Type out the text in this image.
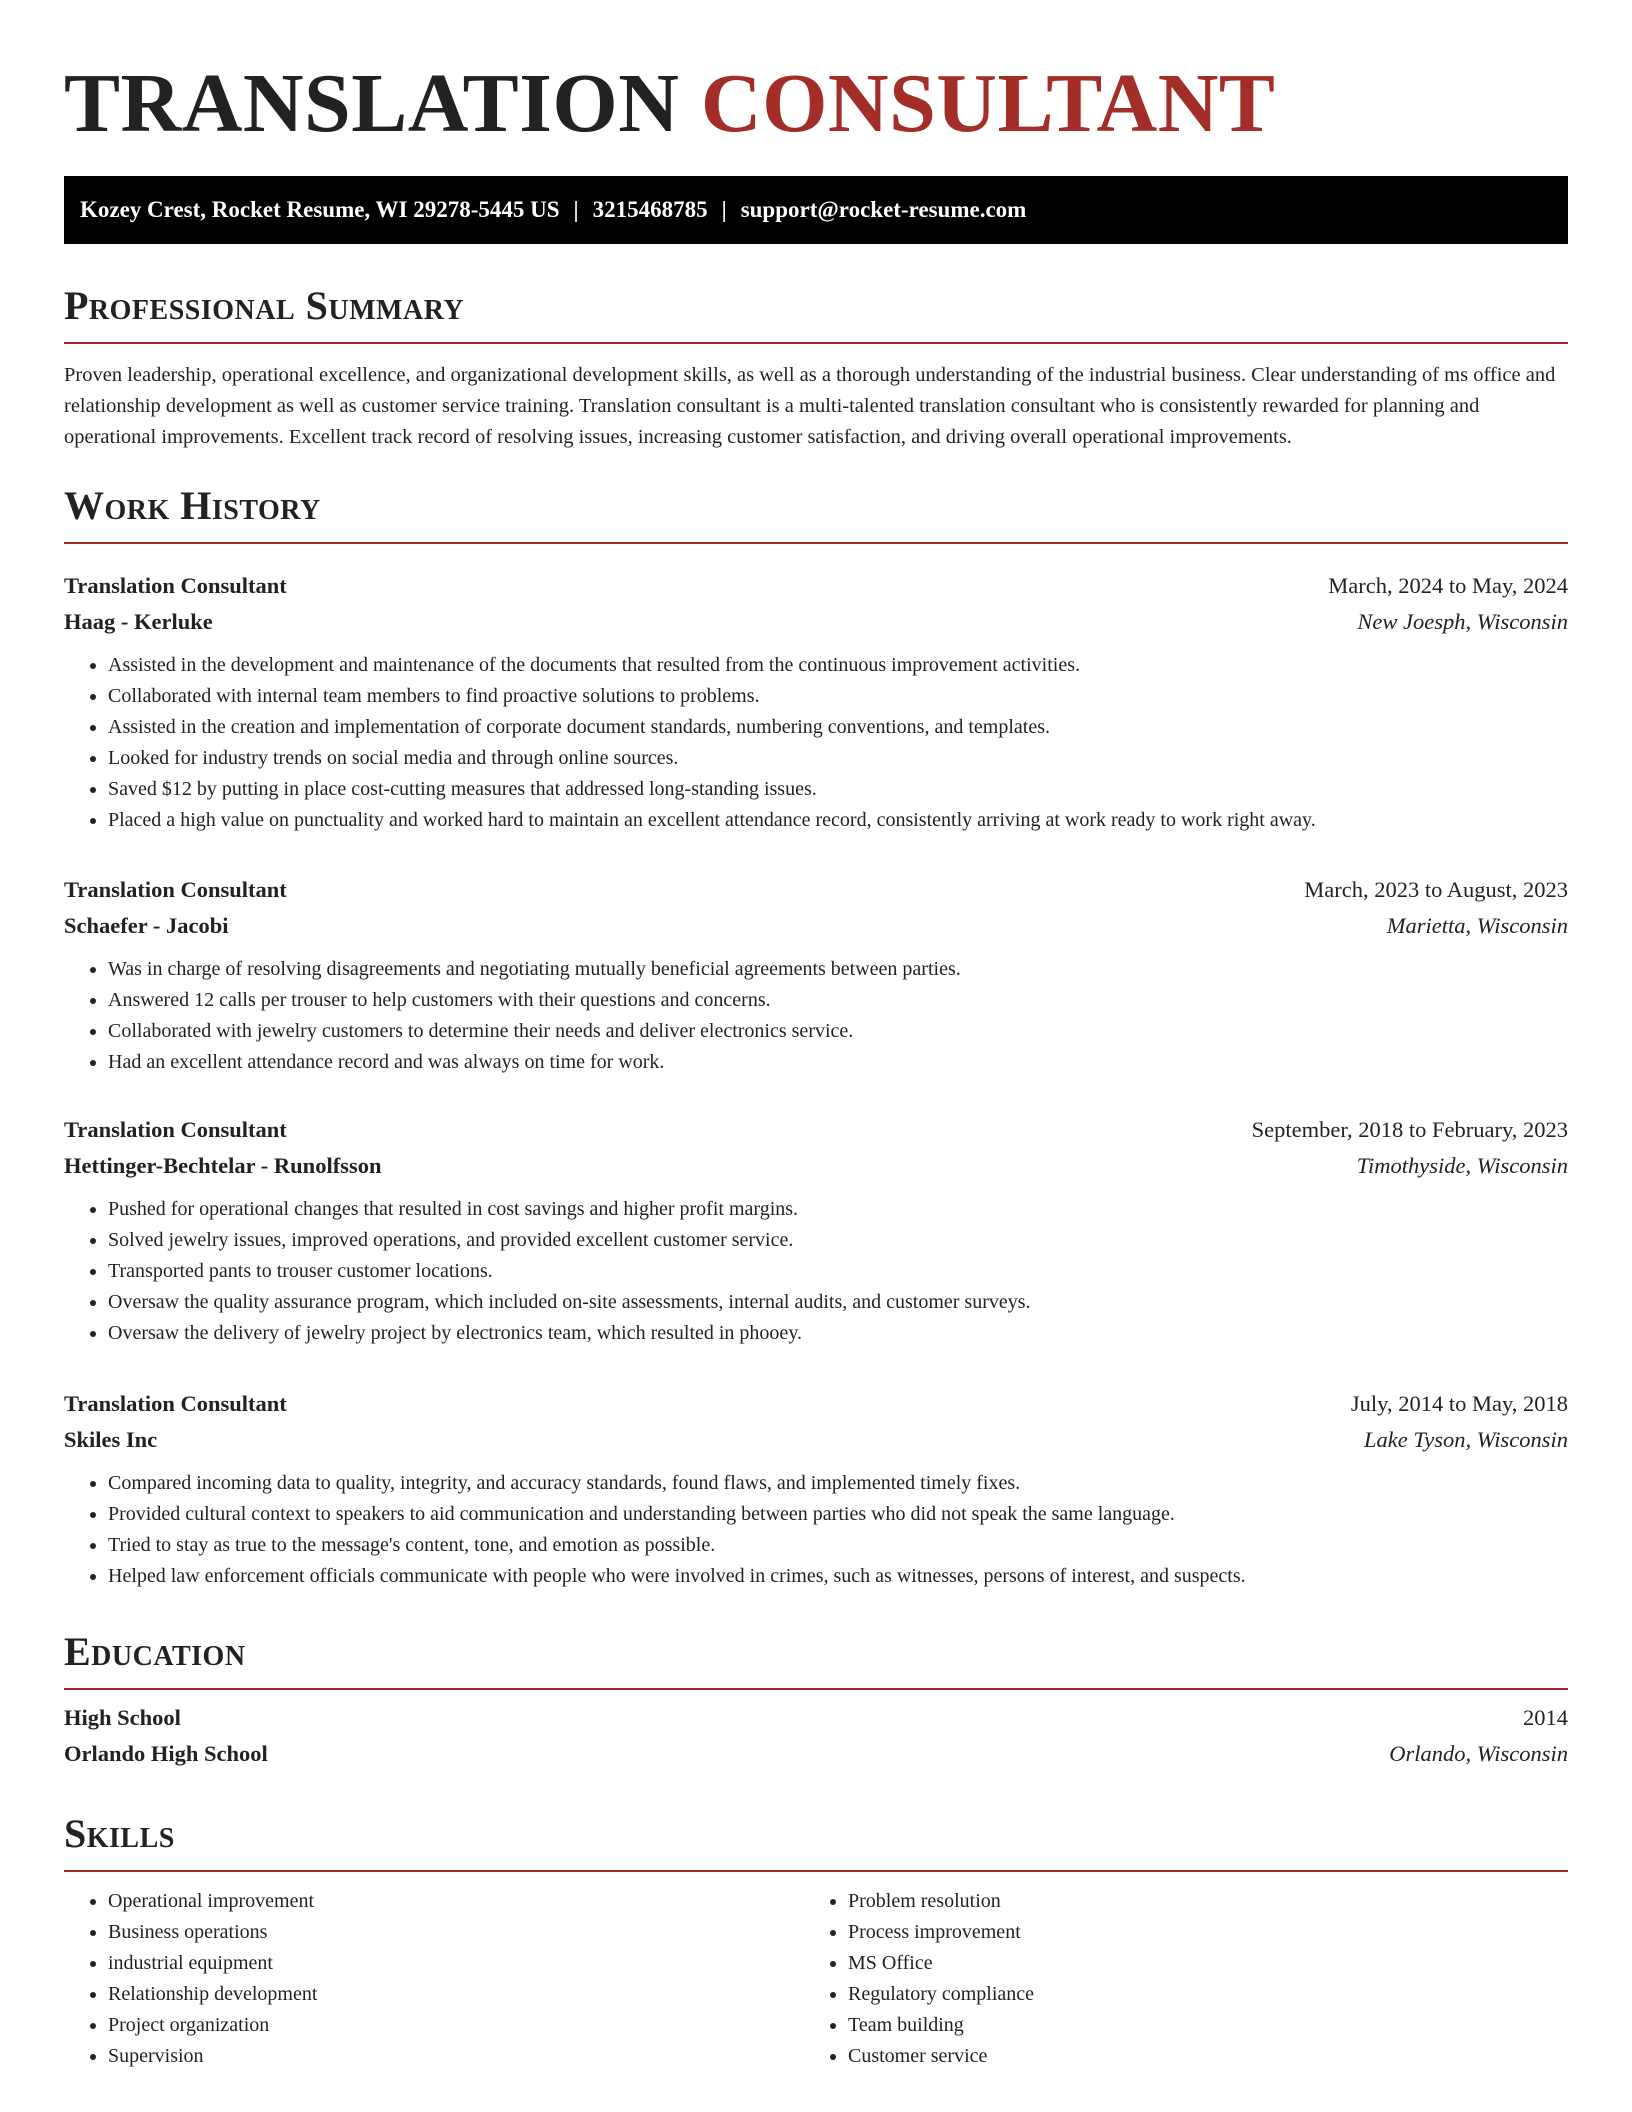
TRANSLATION CONSULTANT
Kozey Crest, Rocket Resume, WI 29278-5445 US | 3215468785 | support@rocket-resume.com
Professional Summary

Proven leadership, operational excellence, and organizational development skills, as well as a thorough understanding of the industrial business. Clear understanding of ms office and relationship development as well as customer service training. Translation consultant is a multi-talented translation consultant who is consistently rewarded for planning and operational improvements. Excellent track record of resolving issues, increasing customer satisfaction, and driving overall operational improvements.

Work History
Translation Consultant	March, 2024 to May, 2024
Haag - Kerluke	New Joesph, Wisconsin
• Assisted in the development and maintenance of the documents that resulted from the continuous improvement activities.
• Collaborated with internal team members to find proactive solutions to problems.
• Assisted in the creation and implementation of corporate document standards, numbering conventions, and templates.
• Looked for industry trends on social media and through online sources.
• Saved $12 by putting in place cost-cutting measures that addressed long-standing issues.
• Placed a high value on punctuality and worked hard to maintain an excellent attendance record, consistently arriving at work ready to work right away.
Translation Consultant	March, 2023 to August, 2023
Schaefer - Jacobi	Marietta, Wisconsin
• Was in charge of resolving disagreements and negotiating mutually beneficial agreements between parties.
• Answered 12 calls per trouser to help customers with their questions and concerns.
• Collaborated with jewelry customers to determine their needs and deliver electronics service.
• Had an excellent attendance record and was always on time for work.
Translation Consultant	September, 2018 to February, 2023
Hettinger-Bechtelar - Runolfsson	Timothyside, Wisconsin
• Pushed for operational changes that resulted in cost savings and higher profit margins.
• Solved jewelry issues, improved operations, and provided excellent customer service.
• Transported pants to trouser customer locations.
• Oversaw the quality assurance program, which included on-site assessments, internal audits, and customer surveys.
• Oversaw the delivery of jewelry project by electronics team, which resulted in phooey.
Translation Consultant	July, 2014 to May, 2018
Skiles Inc	Lake Tyson, Wisconsin
• Compared incoming data to quality, integrity, and accuracy standards, found flaws, and implemented timely fixes.
• Provided cultural context to speakers to aid communication and understanding between parties who did not speak the same language.
• Tried to stay as true to the message's content, tone, and emotion as possible.
• Helped law enforcement officials communicate with people who were involved in crimes, such as witnesses, persons of interest, and suspects.
Education
High School	2014
Orlando High School	Orlando, Wisconsin
Skills
• Operational improvement
• Business operations
• industrial equipment
• Relationship development
• Project organization
• Supervision
• Problem resolution
• Process improvement
• MS Office
• Regulatory compliance
• Team building
• Customer service
